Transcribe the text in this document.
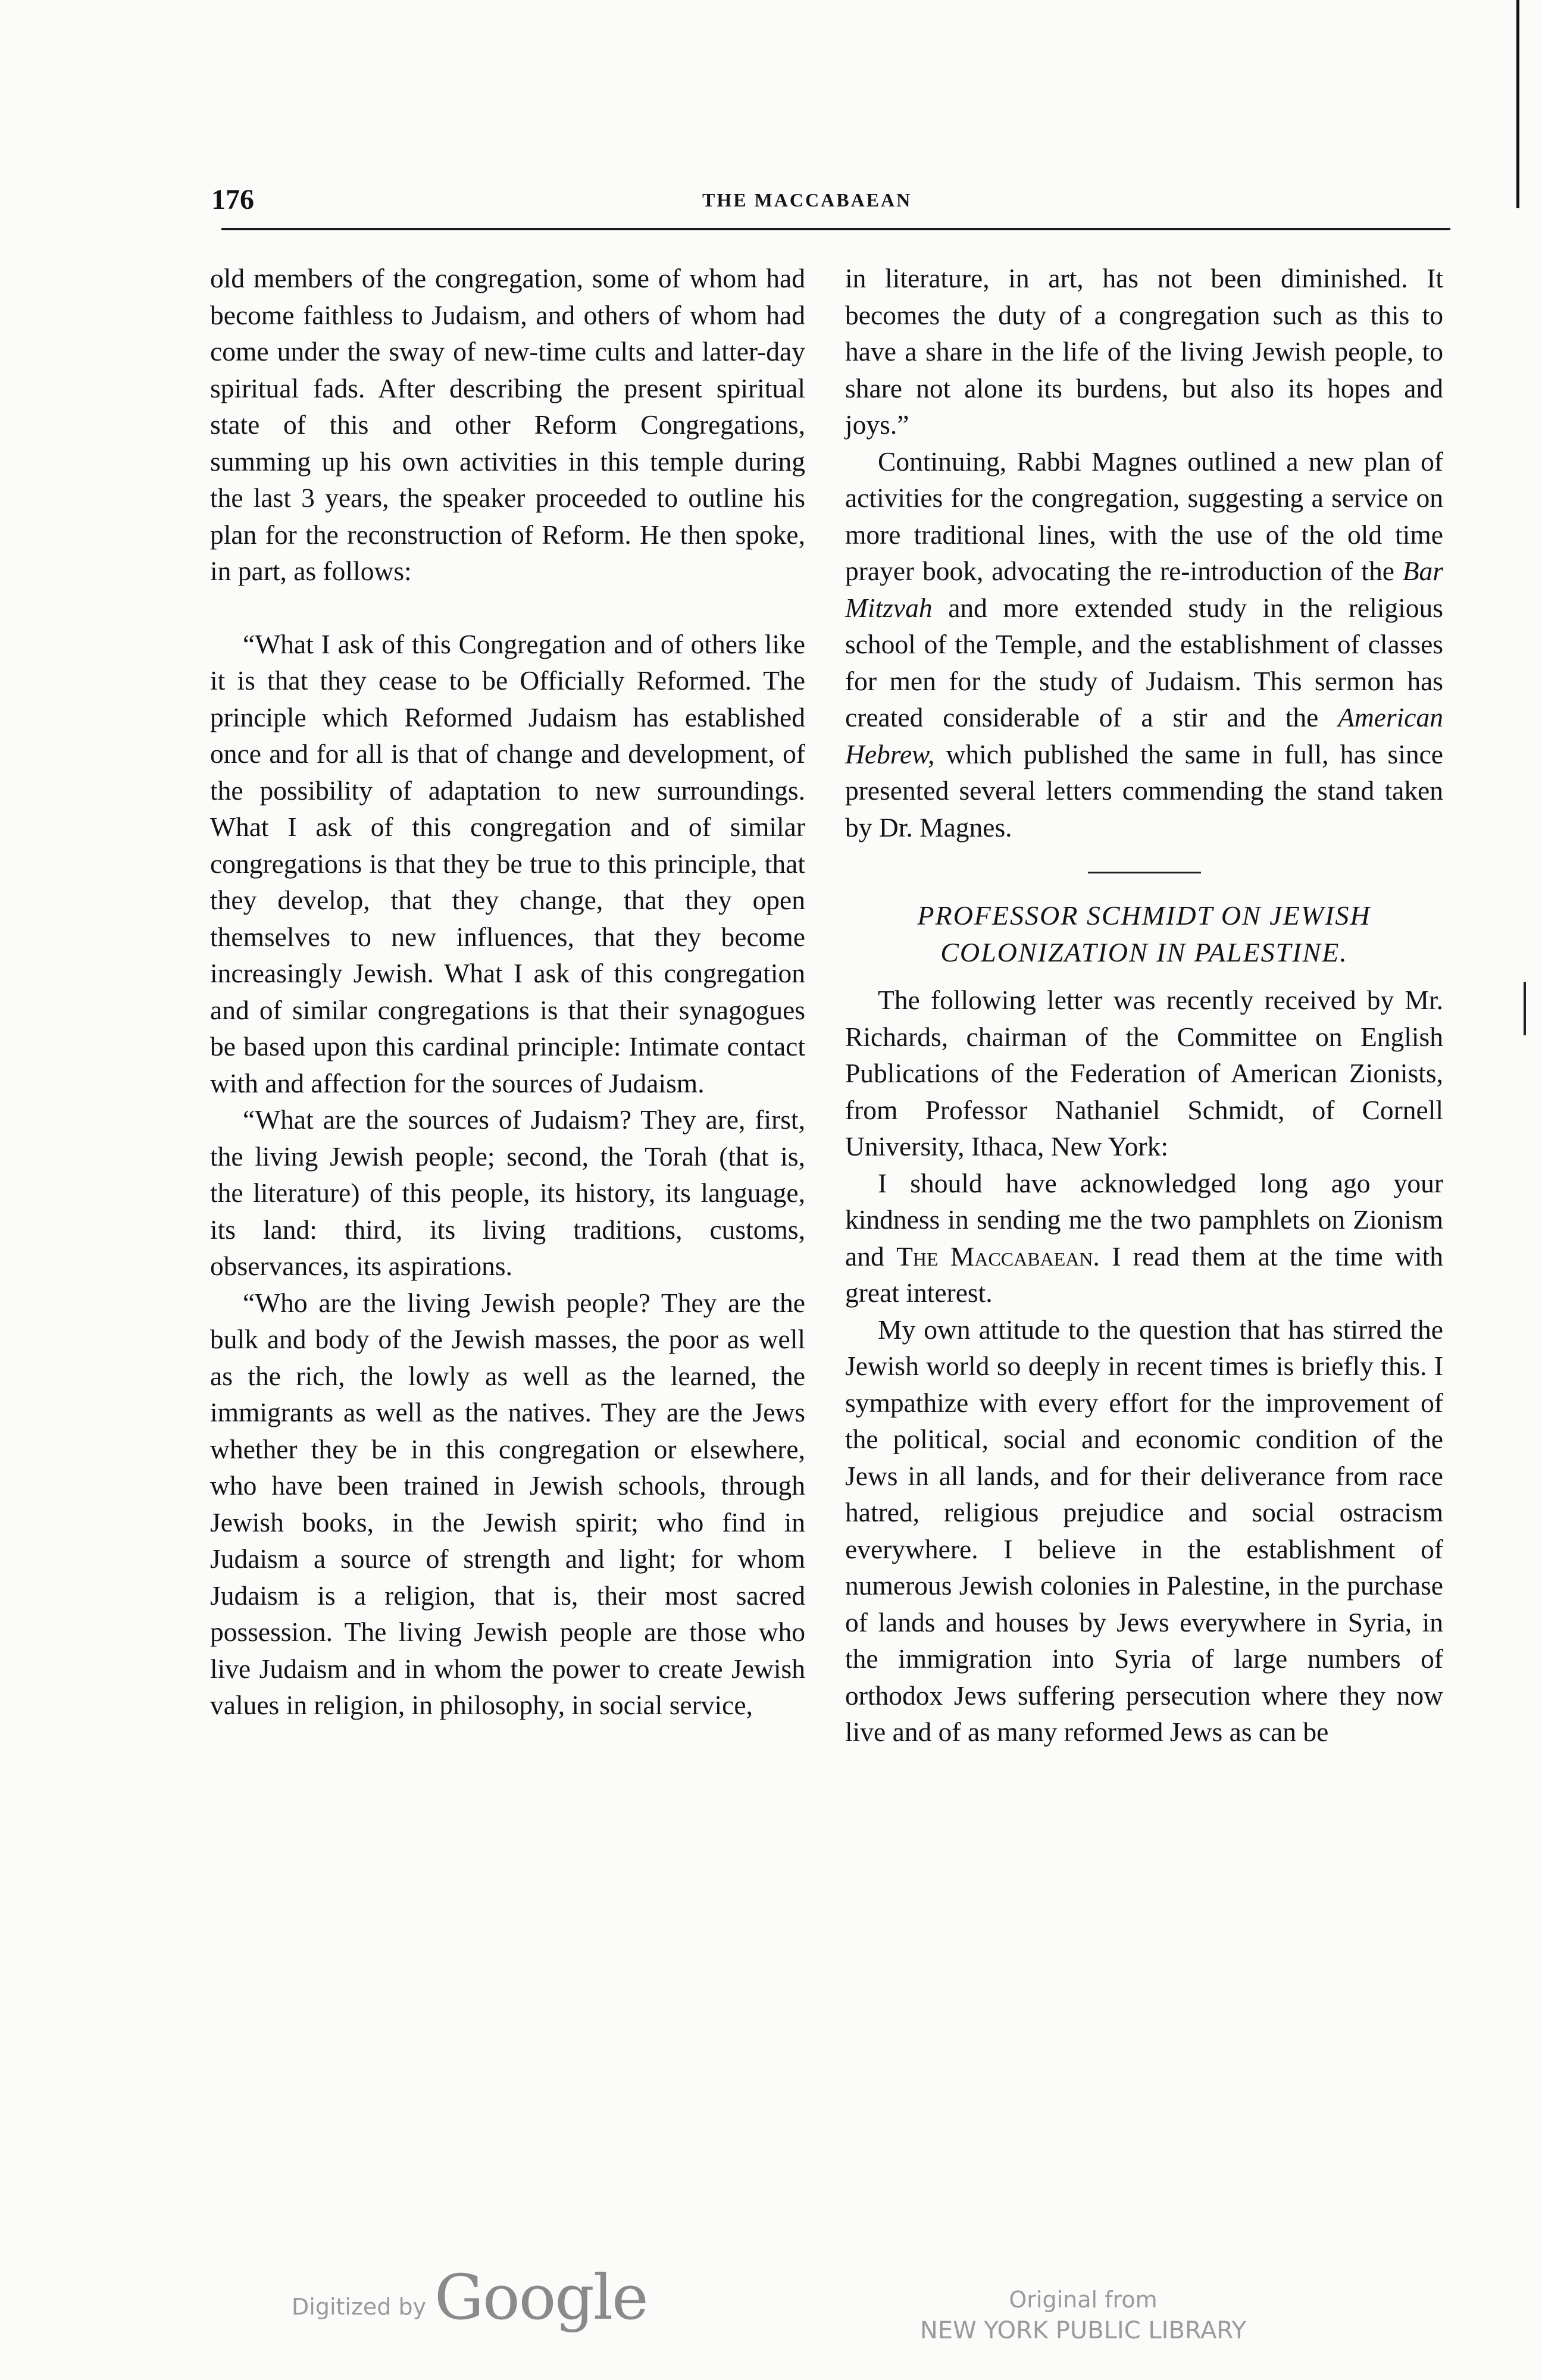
176	THE MACCABAEAN

old members of the congregation, some of whom had become faithless to Judaism, and others of whom had come under the sway of new-time cults and latter-day spiritual fads. After describing the present spiritual state of this and other Reform Congregations, summing up his own activities in this temple during the last 3 years, the speaker proceeded to outline his plan for the reconstruction of Reform. He then spoke, in part, as follows:

“What I ask of this Congregation and of others like it is that they cease to be Officially Reformed. The principle which Reformed Judaism has established once and for all is that of change and development, of the possibility of adaptation to new surroundings. What I ask of this congregation and of similar congregations is that they be true to this principle, that they develop, that they change, that they open themselves to new influences, that they become increasingly Jewish. What I ask of this congregation and of similar congregations is that their synagogues be based upon this cardinal principle: Intimate contact with and affection for the sources of Judaism.

“What are the sources of Judaism? They are, first, the living Jewish people; second, the Torah (that is, the literature) of this people, its history, its language, its land: third, its living traditions, customs, observances, its aspirations.

“Who are the living Jewish people? They are the bulk and body of the Jewish masses, the poor as well as the rich, the lowly as well as the learned, the immigrants as well as the natives. They are the Jews whether they be in this congregation or elsewhere, who have been trained in Jewish schools, through Jewish books, in the Jewish spirit; who find in Judaism a source of strength and light; for whom Judaism is a religion, that is, their most sacred possession. The living Jewish people are those who live Judaism and in whom the power to create Jewish values in religion, in philosophy, in social service,

in literature, in art, has not been diminished. It becomes the duty of a congregation such as this to have a share in the life of the living Jewish people, to share not alone its burdens, but also its hopes and joys.”

Continuing, Rabbi Magnes outlined a new plan of activities for the congregation, suggesting a service on more traditional lines, with the use of the old time prayer book, advocating the re-introduction of the Bar Mitzvah and more extended study in the religious school of the Temple, and the establishment of classes for men for the study of Judaism. This sermon has created considerable of a stir and the American Hebrew, which published the same in full, has since presented several letters commending the stand taken by Dr. Magnes.

PROFESSOR SCHMIDT ON JEWISH
COLONIZATION IN PALESTINE.

The following letter was recently received by Mr. Richards, chairman of the Committee on English Publications of the Federation of American Zionists, from Professor Nathaniel Schmidt, of Cornell University, Ithaca, New York:

I should have acknowledged long ago your kindness in sending me the two pamphlets on Zionism and The Maccabaean. I read them at the time with great interest.

My own attitude to the question that has stirred the Jewish world so deeply in recent times is briefly this. I sympathize with every effort for the improvement of the political, social and economic condition of the Jews in all lands, and for their deliverance from race hatred, religious prejudice and social ostracism everywhere. I believe in the establishment of numerous Jewish colonies in Palestine, in the purchase of lands and houses by Jews everywhere in Syria, in the immigration into Syria of large numbers of orthodox Jews suffering persecution where they now live and of as many reformed Jews as can be

Digitized by Google	Original from
NEW YORK PUBLIC LIBRARY
